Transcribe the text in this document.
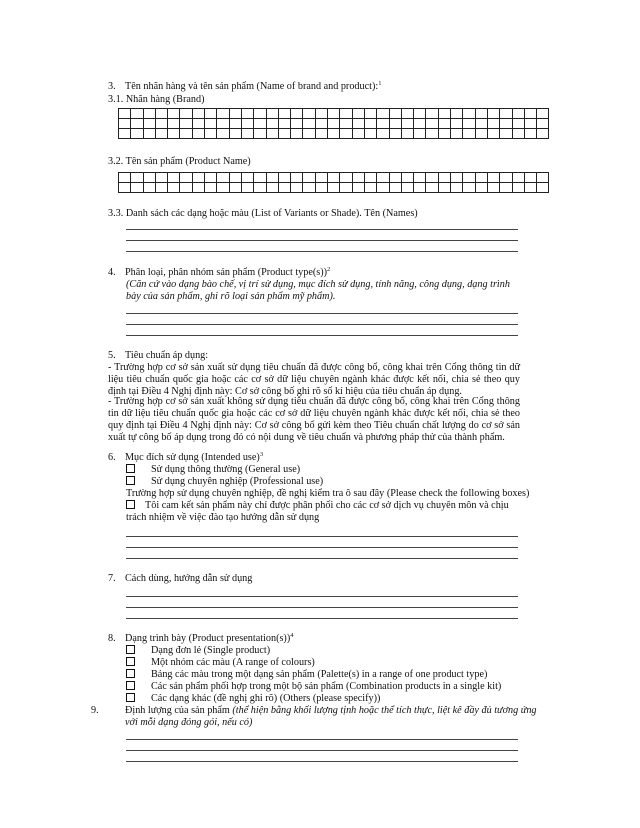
3. Tên nhãn hàng và tên sản phẩm (Name of brand and product):$^1$
3.1. Nhãn hàng (Brand)

3.2. Tên sản phẩm (Product Name)

3.3. Danh sách các dạng hoặc màu (List of Variants or Shade). Tên (Names)
4. Phân loại, phân nhóm sản phẩm (Product type(s))$^2$
(Căn cứ vào dạng bào chế, vị trí sử dụng, mục đích sử dụng, tính năng, công dụng, dạng trình bày của sản phẩm, ghi rõ loại sản phẩm mỹ phẩm).
5. Tiêu chuẩn áp dụng:
- Trường hợp cơ sở sản xuất sử dụng tiêu chuẩn đã được công bố, công khai trên Cổng thông tin dữ liệu tiêu chuẩn quốc gia hoặc các cơ sở dữ liệu chuyên ngành khác được kết nối, chia sẻ theo quy định tại Điều 4 Nghị định này: Cơ sở công bố ghi rõ số kí hiệu của tiêu chuẩn áp dụng.
- Trường hợp cơ sở sản xuất không sử dụng tiêu chuẩn đã được công bố, công khai trên Cổng thông tin dữ liệu tiêu chuẩn quốc gia hoặc các cơ sở dữ liệu chuyên ngành khác được kết nối, chia sẻ theo quy định tại Điều 4 Nghị định này: Cơ sở công bố gửi kèm theo Tiêu chuẩn chất lượng do cơ sở sản xuất tự công bố áp dụng trong đó có nội dung về tiêu chuẩn và phương pháp thử của thành phẩm.
6. Mục đích sử dụng (Intended use)$^3$
Sử dụng thông thường (General use)
Sử dụng chuyên nghiệp (Professional use)
Trường hợp sử dụng chuyên nghiệp, đề nghị kiểm tra ô sau đây (Please check the following boxes)
Tôi cam kết sản phẩm này chỉ được phân phối cho các cơ sở dịch vụ chuyên môn và chịu trách nhiệm về việc đào tạo hướng dẫn sử dụng
7. Cách dùng, hướng dẫn sử dụng
8. Dạng trình bày (Product presentation(s))$^4$
Dạng đơn lẻ (Single product)
Một nhóm các màu (A range of colours)
Bảng các màu trong một dạng sản phẩm (Palette(s) in a range of one product type)
Các sản phẩm phối hợp trong một bộ sản phẩm (Combination products in a single kit)
Các dạng khác (đề nghị ghi rõ) (Others (please specify))
9.	Định lượng của sản phẩm (thể hiện bằng khối lượng tịnh hoặc thể tích thực, liệt kê đầy đủ tương ứng với mỗi dạng đóng gói, nếu có)
